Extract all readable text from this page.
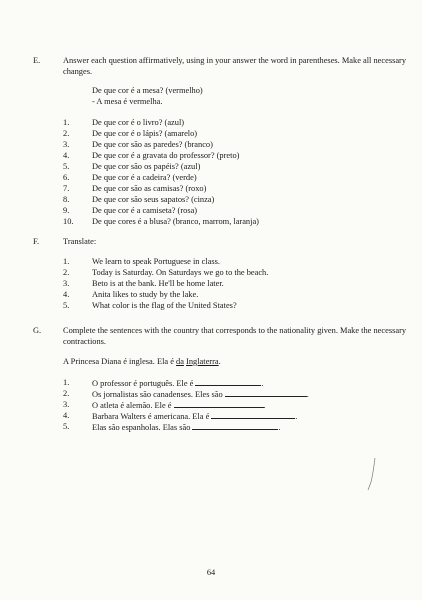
E.	Answer each question affirmatively, using in your answer the word in parentheses. Make all necessary changes.
De que cor é a mesa? (vermelho)
- A mesa é vermelha.
1.	De que cor é o livro? (azul)
2.	De que cor é o lápis? (amarelo)
3.	De que cor são as paredes? (branco)
4.	De que cor é a gravata do professor? (preto)
5.	De que cor são os papéis? (azul)
6.	De que cor é a cadeira? (verde)
7.	De que cor são as camisas? (roxo)
8.	De que cor são seus sapatos? (cinza)
9.	De que cor é a camiseta? (rosa)
10.	De que cores é a blusa? (branco, marrom, laranja)
F.	Translate:
1.	We learn to speak Portuguese in class.
2.	Today is Saturday. On Saturdays we go to the beach.
3.	Beto is at the bank. He'll be home later.
4.	Anita likes to study by the lake.
5.	What color is the flag of the United States?
G.	Complete the sentences with the country that corresponds to the nationality given. Make the necessary contractions.
A Princesa Diana é inglesa. Ela é da Inglaterra.
1.	O professor é português. Ele é	.
2.	Os jornalistas são canadenses. Eles são	.
3.	O atleta é alemão. Ele é	.
4.	Barbara Walters é americana. Ela é	.
5.	Elas são espanholas. Elas são	.
64
